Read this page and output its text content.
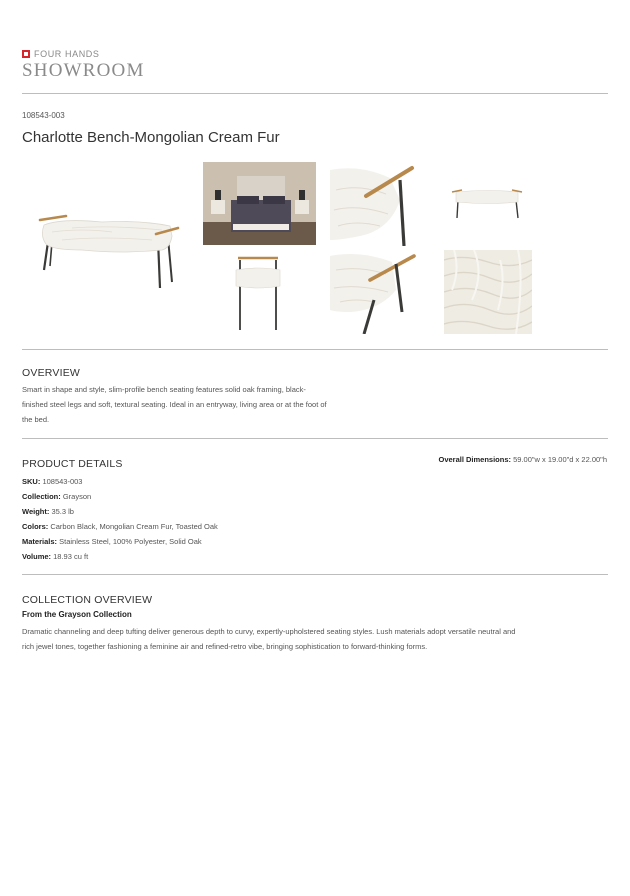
FOUR HANDS
SHOWROOM
108543-003
Charlotte Bench-Mongolian Cream Fur
OVERVIEW
Smart in shape and style, slim-profile bench seating features solid oak framing, black-
finished steel legs and soft, textural seating. Ideal in an entryway, living area or at the foot of
the bed.
PRODUCT DETAILS	Overall Dimensions: 59.00"w x 19.00"d x 22.00"h
SKU: 108543-003
Collection: Grayson
Weight: 35.3 lb
Colors: Carbon Black, Mongolian Cream Fur, Toasted Oak
Materials: Stainless Steel, 100% Polyester, Solid Oak
Volume: 18.93 cu ft
COLLECTION OVERVIEW
From the Grayson Collection
Dramatic channeling and deep tufting deliver generous depth to curvy, expertly-upholstered seating styles. Lush materials adopt versatile neutral and
rich jewel tones, together fashioning a feminine air and refined-retro vibe, bringing sophistication to forward-thinking forms.
